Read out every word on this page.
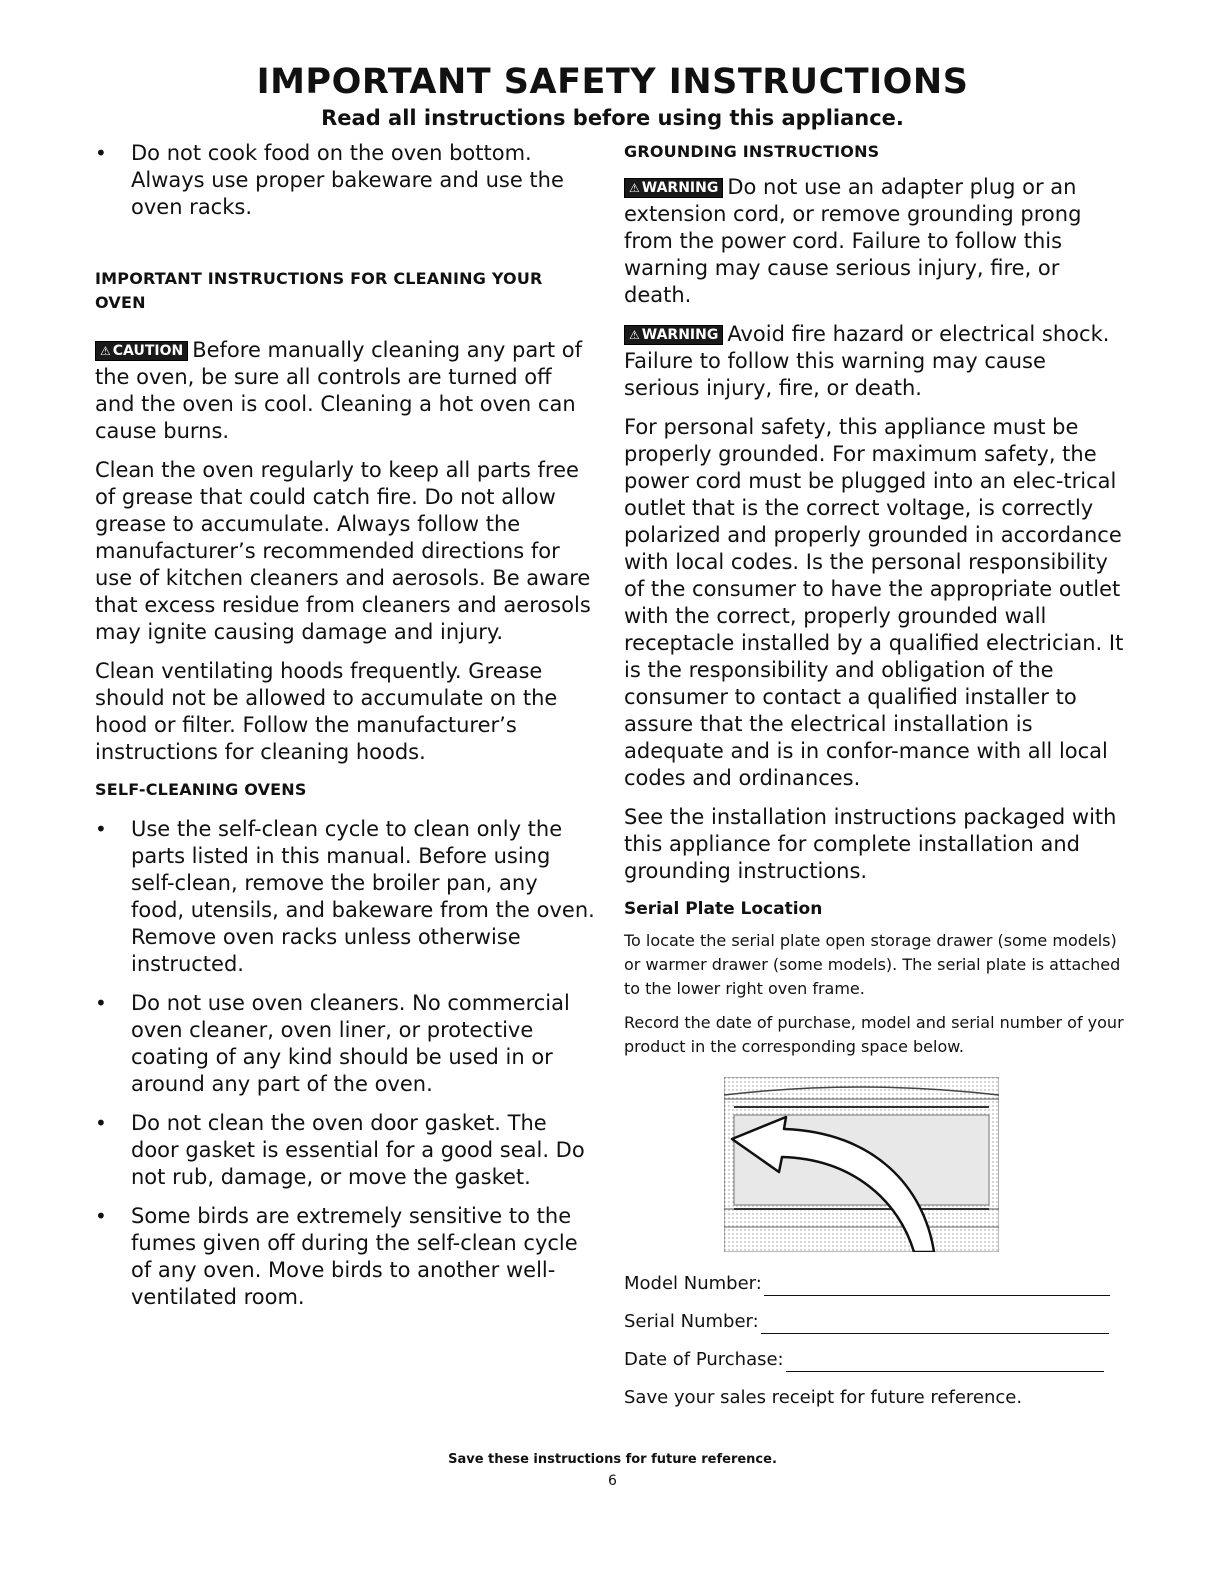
IMPORTANT SAFETY INSTRUCTIONS

Read all instructions before using this appliance.

• Do not cook food on the oven bottom. Always use proper bakeware and use the oven racks.

IMPORTANT INSTRUCTIONS FOR CLEANING YOUR OVEN

⚠ CAUTION Before manually cleaning any part of the oven, be sure all controls are turned off and the oven is cool. Cleaning a hot oven can cause burns.

Clean the oven regularly to keep all parts free of grease that could catch fire. Do not allow grease to accumulate. Always follow the manufacturer’s recommended directions for use of kitchen cleaners and aerosols. Be aware that excess residue from cleaners and aerosols may ignite causing damage and injury.

Clean ventilating hoods frequently. Grease should not be allowed to accumulate on the hood or filter. Follow the manufacturer’s instructions for cleaning hoods.

SELF-CLEANING OVENS

• Use the self-clean cycle to clean only the parts listed in this manual. Before using self-clean, remove the broiler pan, any food, utensils, and bakeware from the oven. Remove oven racks unless otherwise instructed.
• Do not use oven cleaners. No commercial oven cleaner, oven liner, or protective coating of any kind should be used in or around any part of the oven.
• Do not clean the oven door gasket. The door gasket is essential for a good seal. Do not rub, damage, or move the gasket.
• Some birds are extremely sensitive to the fumes given off during the self-clean cycle of any oven. Move birds to another well-ventilated room.

GROUNDING INSTRUCTIONS

⚠ WARNING Do not use an adapter plug or an extension cord, or remove grounding prong from the power cord. Failure to follow this warning may cause serious injury, fire, or death.

⚠ WARNING Avoid fire hazard or electrical shock. Failure to follow this warning may cause serious injury, fire, or death.

For personal safety, this appliance must be properly grounded. For maximum safety, the power cord must be plugged into an elec-trical outlet that is the correct voltage, is correctly polarized and properly grounded in accordance with local codes. Is the personal responsibility of the consumer to have the appropriate outlet with the correct, properly grounded wall receptacle installed by a qualified electrician. It is the responsibility and obligation of the consumer to contact a qualified installer to assure that the electrical installation is adequate and is in confor-mance with all local codes and ordinances.

See the installation instructions packaged with this appliance for complete installation and grounding instructions.

Serial Plate Location

To locate the serial plate open storage drawer (some models) or warmer drawer (some models). The serial plate is attached to the lower right oven frame.

Record the date of purchase, model and serial number of your product in the corresponding space below.

Model Number:
Serial Number:
Date of Purchase:

Save your sales receipt for future reference.

Save these instructions for future reference.

6
